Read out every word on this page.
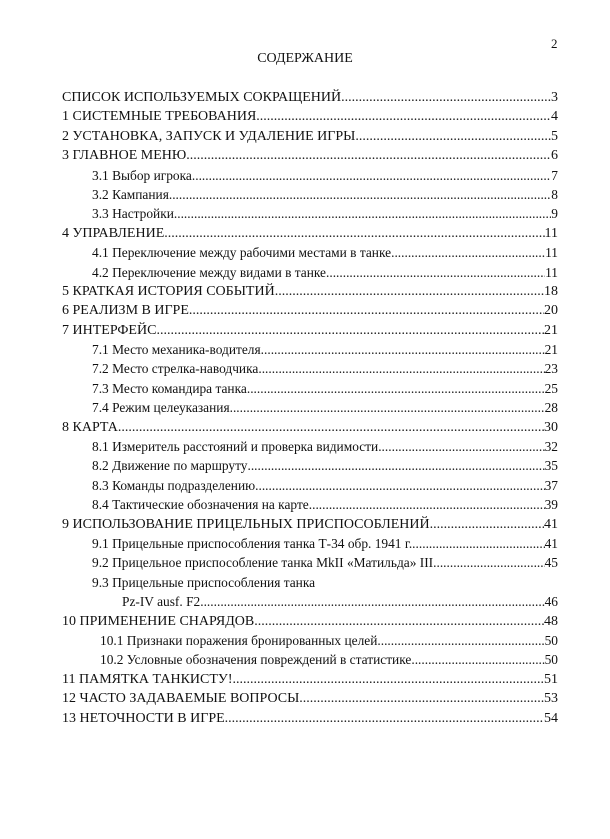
2
СОДЕРЖАНИЕ
СПИСОК ИСПОЛЬЗУЕМЫХ СОКРАЩЕНИЙ .....	3
1 СИСТЕМНЫЕ ТРЕБОВАНИЯ .....	4
2 УСТАНОВКА, ЗАПУСК И УДАЛЕНИЕ ИГРЫ .....	5
3 ГЛАВНОЕ МЕНЮ .....	6
3.1 Выбор игрока .....	7
3.2 Кампания .....	8
3.3 Настройки .....	9
4 УПРАВЛЕНИЕ .....	11
4.1 Переключение между рабочими местами в танке .....	11
4.2 Переключение между видами в танке .....	11
5 КРАТКАЯ ИСТОРИЯ СОБЫТИЙ .....	18
6 РЕАЛИЗМ В ИГРЕ .....	20
7 ИНТЕРФЕЙС .....	21
7.1 Место механика-водителя .....	21
7.2 Место стрелка-наводчика .....	23
7.3 Место командира танка .....	25
7.4 Режим целеуказания .....	28
8 КАРТА .....	30
8.1 Измеритель расстояний и проверка видимости .....	32
8.2 Движение по маршруту .....	35
8.3 Команды подразделению .....	37
8.4 Тактические обозначения на карте .....	39
9 ИСПОЛЬЗОВАНИЕ ПРИЦЕЛЬНЫХ ПРИСПОСОБЛЕНИЙ .....	41
9.1 Прицельные приспособления танка Т-34 обр. 1941 г. .....	41
9.2 Прицельное приспособление танка MkII «Матильда» III .....	45
9.3 Прицельные приспособления танка
Pz-IV ausf. F2 .....	46
10 ПРИМЕНЕНИЕ СНАРЯДОВ .....	48
10.1 Признаки поражения бронированных целей .....	50
10.2 Условные обозначения повреждений в статистике .....	50
11 ПАМЯТКА ТАНКИСТУ! .....	51
12 ЧАСТО ЗАДАВАЕМЫЕ ВОПРОСЫ .....	53
13 НЕТОЧНОСТИ В ИГРЕ .....	54
